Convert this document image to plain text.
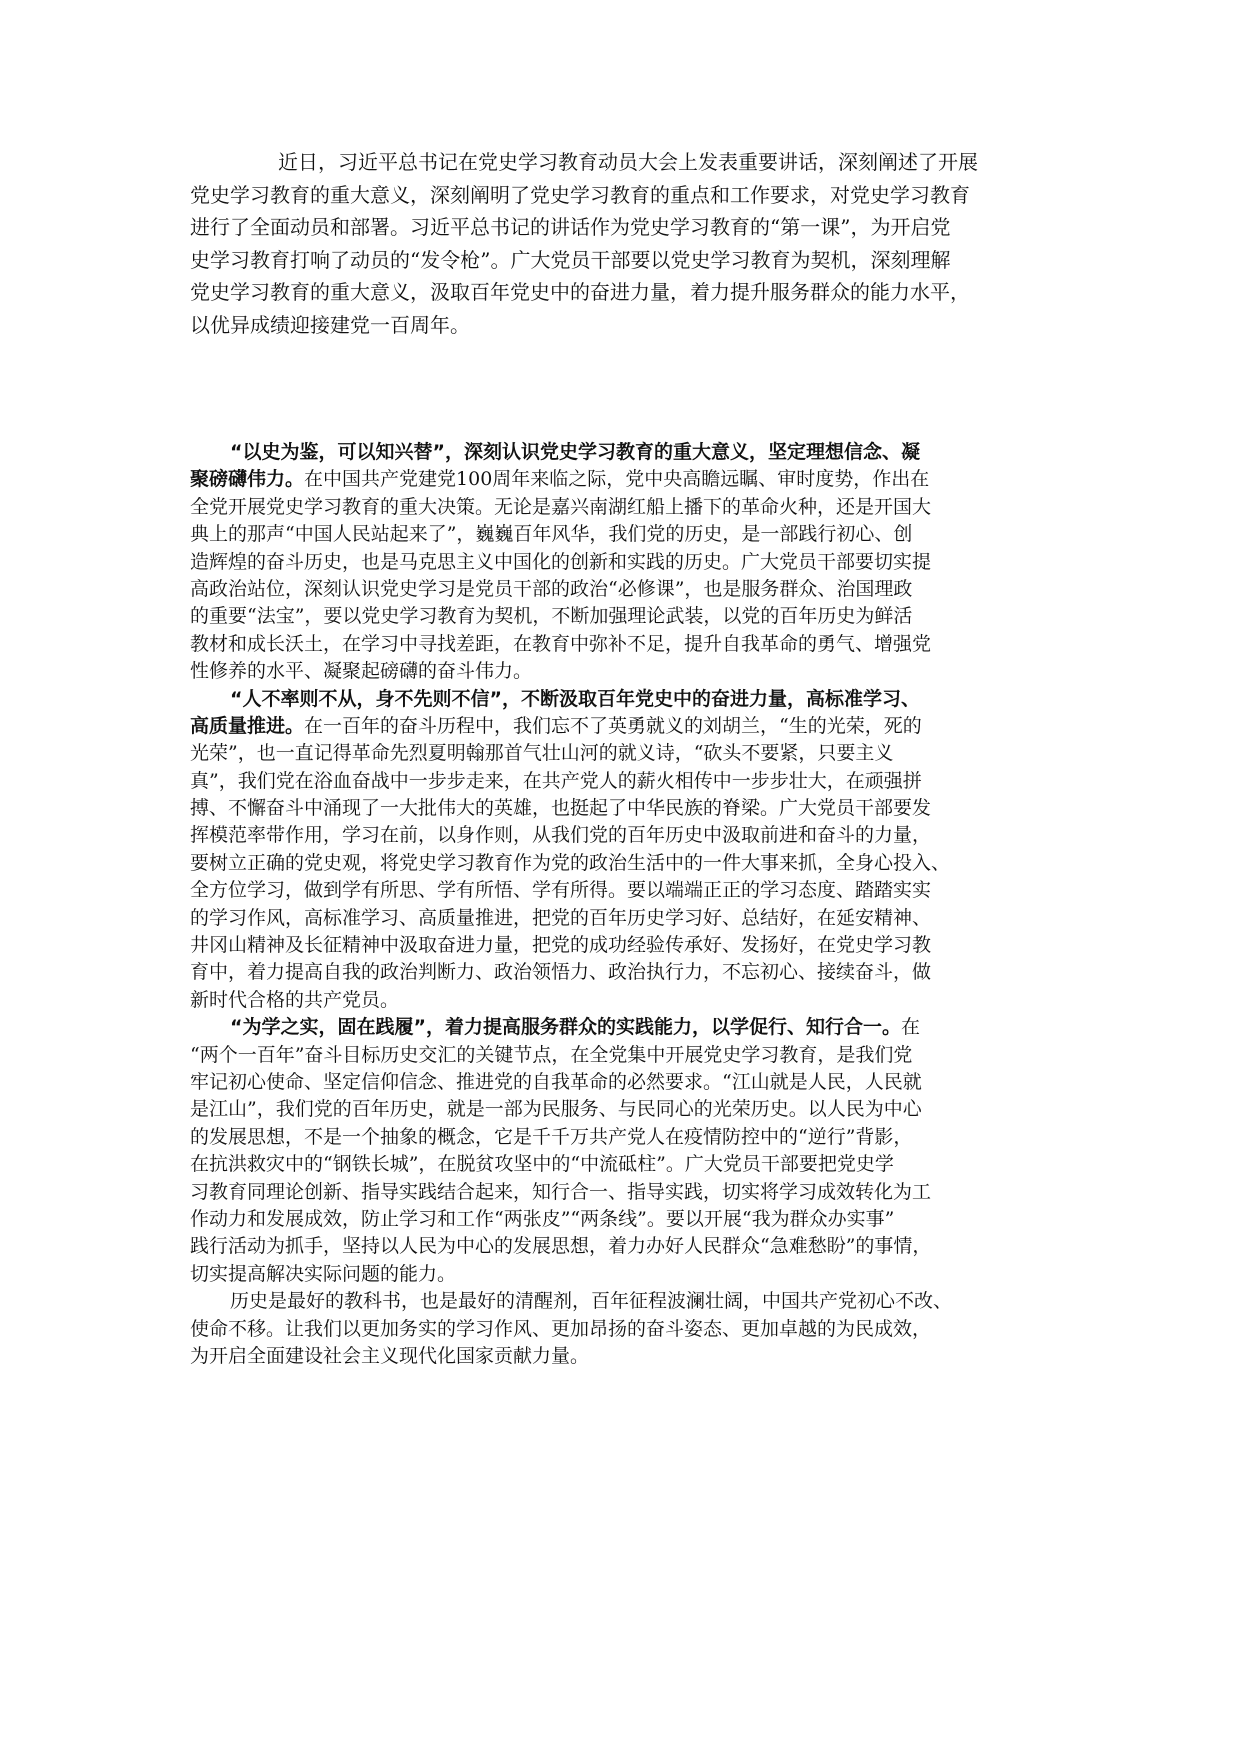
近日，习近平总书记在党史学习教育动员大会上发表重要讲话，深刻阐述了开展
党史学习教育的重大意义，深刻阐明了党史学习教育的重点和工作要求，对党史学习教育
进行了全面动员和部署。习近平总书记的讲话作为党史学习教育的“第一课”，为开启党
史学习教育打响了动员的“发令枪”。广大党员干部要以党史学习教育为契机，深刻理解
党史学习教育的重大意义，汲取百年党史中的奋进力量，着力提升服务群众的能力水平，
以优异成绩迎接建党一百周年。
“以史为鉴，可以知兴替”，深刻认识党史学习教育的重大意义，坚定理想信念、凝
聚磅礴伟力。在中国共产党建党100周年来临之际，党中央高瞻远瞩、审时度势，作出在
全党开展党史学习教育的重大决策。无论是嘉兴南湖红船上播下的革命火种，还是开国大
典上的那声“中国人民站起来了”，巍巍百年风华，我们党的历史，是一部践行初心、创
造辉煌的奋斗历史，也是马克思主义中国化的创新和实践的历史。广大党员干部要切实提
高政治站位，深刻认识党史学习是党员干部的政治“必修课”，也是服务群众、治国理政
的重要“法宝”，要以党史学习教育为契机，不断加强理论武装，以党的百年历史为鲜活
教材和成长沃土，在学习中寻找差距，在教育中弥补不足，提升自我革命的勇气、增强党
性修养的水平、凝聚起磅礴的奋斗伟力。
“人不率则不从，身不先则不信”，不断汲取百年党史中的奋进力量，高标准学习、
高质量推进。在一百年的奋斗历程中，我们忘不了英勇就义的刘胡兰，“生的光荣，死的
光荣”，也一直记得革命先烈夏明翰那首气壮山河的就义诗，“砍头不要紧，只要主义
真”，我们党在浴血奋战中一步步走来，在共产党人的薪火相传中一步步壮大，在顽强拼
搏、不懈奋斗中涌现了一大批伟大的英雄，也挺起了中华民族的脊梁。广大党员干部要发
挥模范率带作用，学习在前，以身作则，从我们党的百年历史中汲取前进和奋斗的力量，
要树立正确的党史观，将党史学习教育作为党的政治生活中的一件大事来抓，全身心投入、
全方位学习，做到学有所思、学有所悟、学有所得。要以端端正正的学习态度、踏踏实实
的学习作风，高标准学习、高质量推进，把党的百年历史学习好、总结好，在延安精神、
井冈山精神及长征精神中汲取奋进力量，把党的成功经验传承好、发扬好，在党史学习教
育中，着力提高自我的政治判断力、政治领悟力、政治执行力，不忘初心、接续奋斗，做
新时代合格的共产党员。
“为学之实，固在践履”，着力提高服务群众的实践能力，以学促行、知行合一。在
“两个一百年”奋斗目标历史交汇的关键节点，在全党集中开展党史学习教育，是我们党
牢记初心使命、坚定信仰信念、推进党的自我革命的必然要求。“江山就是人民，人民就
是江山”，我们党的百年历史，就是一部为民服务、与民同心的光荣历史。以人民为中心
的发展思想，不是一个抽象的概念，它是千千万共产党人在疫情防控中的“逆行”背影，
在抗洪救灾中的“钢铁长城”，在脱贫攻坚中的“中流砥柱”。广大党员干部要把党史学
习教育同理论创新、指导实践结合起来，知行合一、指导实践，切实将学习成效转化为工
作动力和发展成效，防止学习和工作“两张皮”“两条线”。要以开展“我为群众办实事”
践行活动为抓手，坚持以人民为中心的发展思想，着力办好人民群众“急难愁盼”的事情，
切实提高解决实际问题的能力。
历史是最好的教科书，也是最好的清醒剂，百年征程波澜壮阔，中国共产党初心不改、
使命不移。让我们以更加务实的学习作风、更加昂扬的奋斗姿态、更加卓越的为民成效，
为开启全面建设社会主义现代化国家贡献力量。
